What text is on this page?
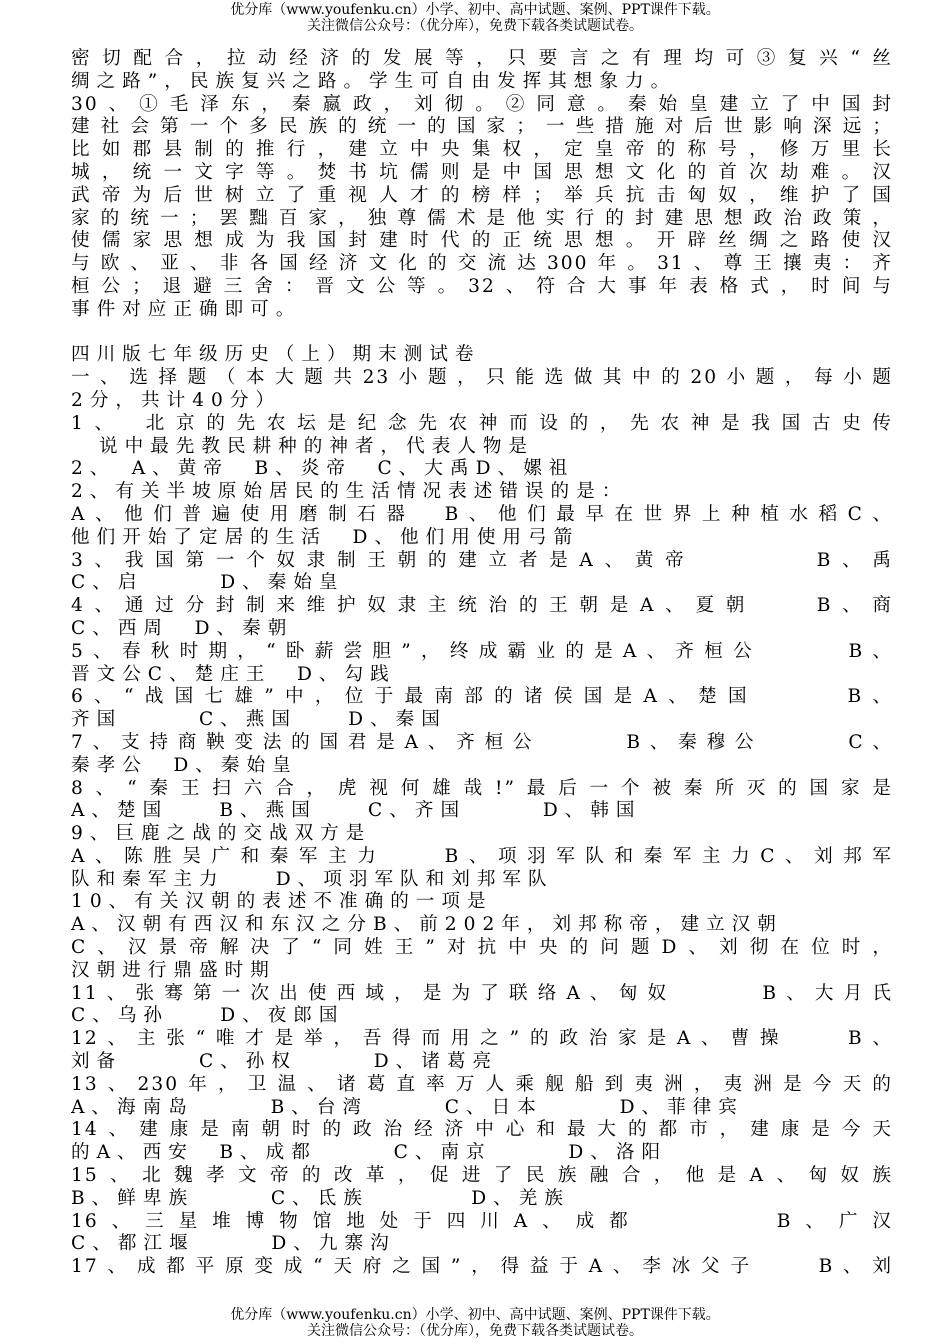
优分库（www.youfenku.cn）小学、初中、高中试题、案例、PPT课件下载。
关注微信公众号：（优分库），免费下载各类试题试卷。
密切配合，拉动经济的发展等，只要言之有理均可③复兴“丝
绸之路”，民族复兴之路。学生可自由发挥其想象力。
30、①毛泽东，秦嬴政，刘彻。②同意。秦始皇建立了中国封
建社会第一个多民族的统一的国家；一些措施对后世影响深远；
比如郡县制的推行，建立中央集权，定皇帝的称号，修万里长
城，统一文字等。焚书坑儒则是中国思想文化的首次劫难。汉
武帝为后世树立了重视人才的榜样；举兵抗击匈奴，维护了国
家的统一；罢黜百家，独尊儒术是他实行的封建思想政治政策，
使儒家思想成为我国封建时代的正统思想。开辟丝绸之路使汉
与欧、亚、非各国经济文化的交流达300年。31、尊王攘夷：齐
桓公；退避三舍：晋文公等。32、符合大事年表格式，时间与
事件对应正确即可。
四川版七年级历史（上）期末测试卷
一、选择题（本大题共23小题，只能选做其中的20小题，每小题
2分，共计40分）
1、　北京的先农坛是纪念先农神而设的，先农神是我国古史传
说中最先教民耕种的神者，代表人物是
2、　A、黄帝　B、炎帝　C、大禹D、嫘祖
2、有关半坡原始居民的生活情况表述错误的是：
A、他们普遍使用磨制石器　B、他们最早在世界上种植水稻C、
他们开始了定居的生活　D、他们用使用弓箭
3、我国第一个奴隶制王朝的建立者是A、黄帝　　　　B、禹
C、启　　　D、秦始皇
4、通过分封制来维护奴隶主统治的王朝是A、夏朝　　B、商
C、西周　D、秦朝
5、春秋时期，“卧薪尝胆”，终成霸业的是A、齐桓公　　　B、
晋文公C、楚庄王　D、勾践
6、“战国七雄”中，位于最南部的诸侯国是A、楚国　　　B、
齐国　　　C、燕国　　D、秦国
7、支持商鞅变法的国君是A、齐桓公　　　B、秦穆公　　　C、
秦孝公　D、秦始皇
8、“秦王扫六合，虎视何雄哉!”最后一个被秦所灭的国家是
A、楚国　　B、燕国　　C、齐国　　　D、韩国
9、巨鹿之战的交战双方是
A、陈胜吴广和秦军主力　　B、项羽军队和秦军主力C、刘邦军
队和秦军主力　　D、项羽军队和刘邦军队
10、有关汉朝的表述不准确的一项是
A、汉朝有西汉和东汉之分B、前202年，刘邦称帝，建立汉朝
C、汉景帝解决了“同姓王”对抗中央的问题D、刘彻在位时，
汉朝进行鼎盛时期
11、张骞第一次出使西域，是为了联络A、匈奴　　　B、大月氏
C、乌孙　　D、夜郎国
12、主张“唯才是举，吾得而用之”的政治家是A、曹操　　B、
刘备　　　C、孙权　　　D、诸葛亮
13、230年，卫温、诸葛直率万人乘舰船到夷洲，夷洲是今天的
A、海南岛　　　B、台湾　　　C、日本　　　D、菲律宾
14、建康是南朝时的政治经济中心和最大的都市，建康是今天
的A、西安　B、成都　　　C、南京　　　D、洛阳
15、北魏孝文帝的改革，促进了民族融合，他是A、匈奴族
B、鲜卑族　　　C、氐族　　　　D、羌族
16、三星堆博物馆地处于四川A、成都　　　　B、广汉
C、都江堰　　　D、九寨沟
17、成都平原变成“天府之国”，得益于A、李冰父子　　B、刘
优分库（www.youfenku.cn）小学、初中、高中试题、案例、PPT课件下载。
关注微信公众号：（优分库），免费下载各类试题试卷。
